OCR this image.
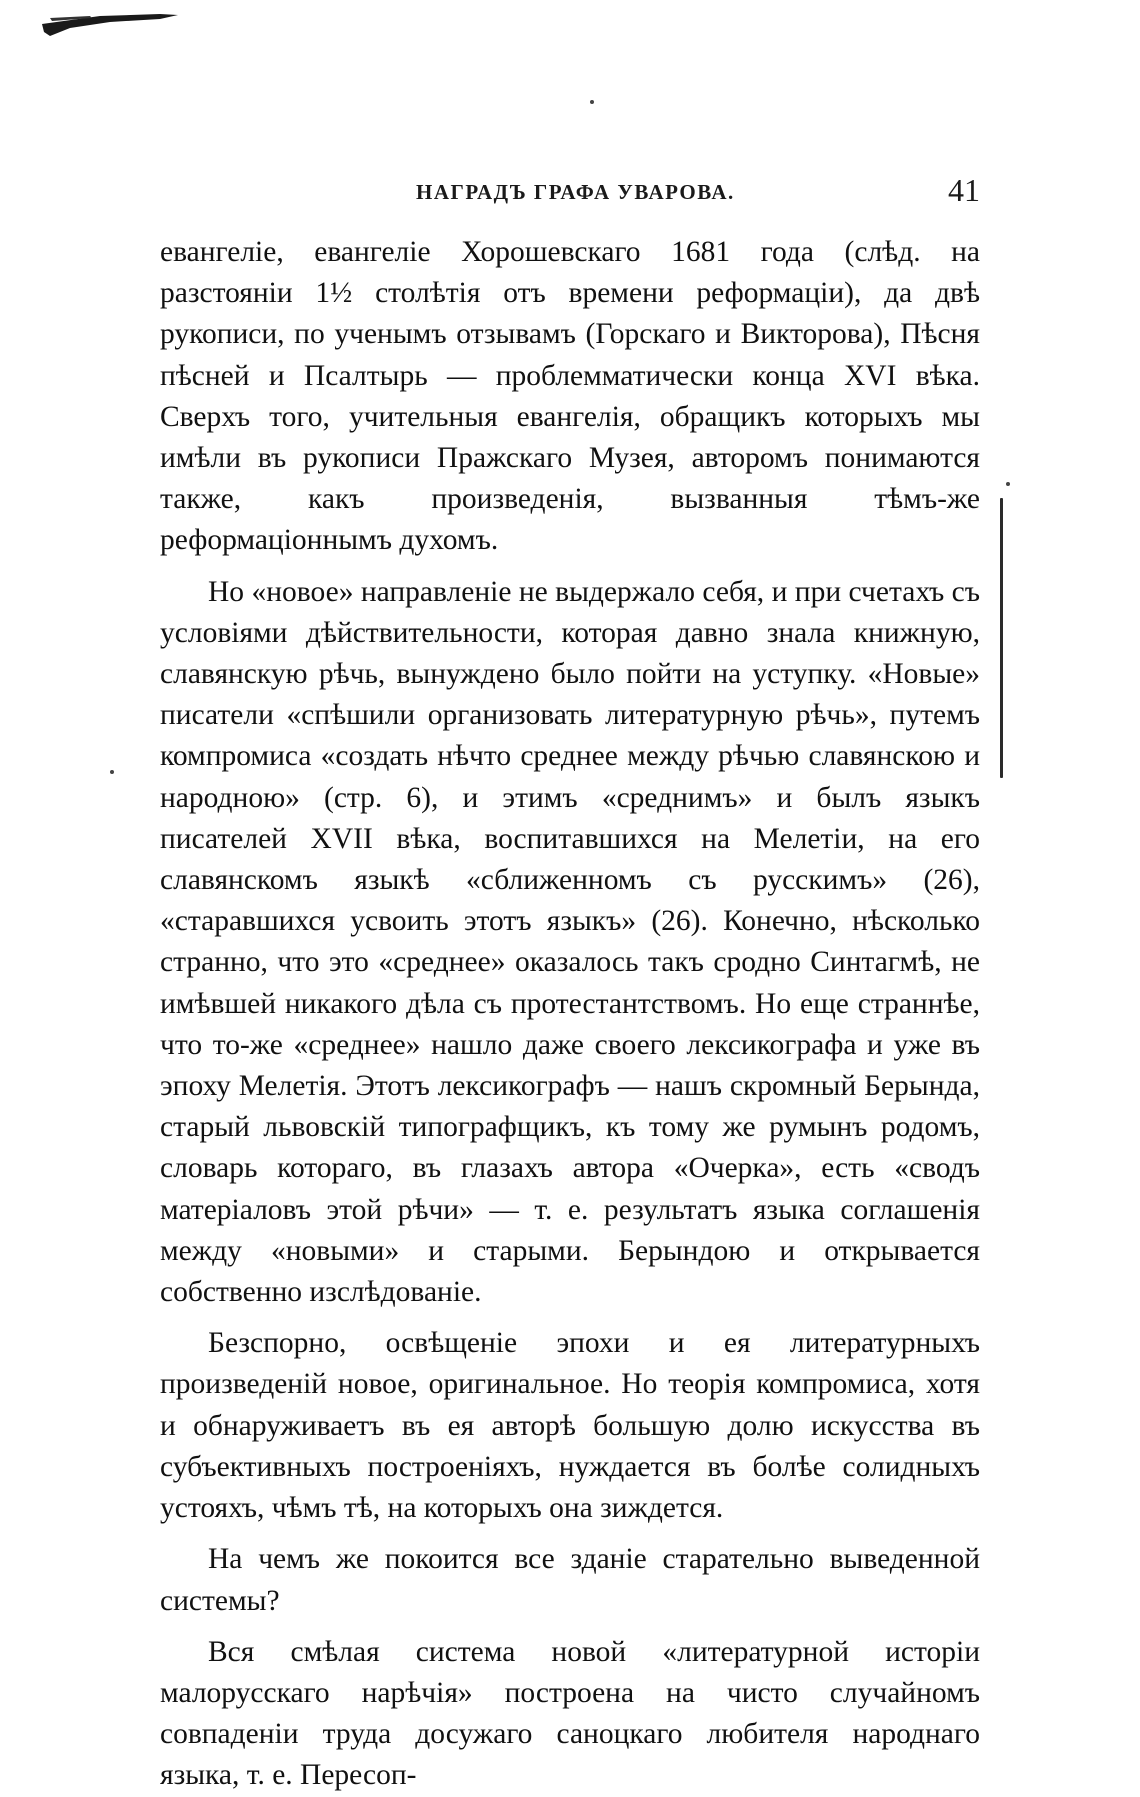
НАГРАДЪ ГРАФА УВАРОВА.	41

евангеліе, евангеліе Хорошевскаго 1681 года (слѣд. на разстояніи 1½ столѣтія отъ времени реформаціи), да двѣ рукописи, по ученымъ отзывамъ (Горскаго и Викторова), Пѣсня пѣсней и Псалтырь — проблемматически конца XVI вѣка. Сверхъ того, учительныя евангелія, обращикъ которыхъ мы имѣли въ рукописи Пражскаго Музея, авторомъ понимаются также, какъ произведенія, вызванныя тѣмъ-же реформаціоннымъ духомъ.

Но «новое» направленіе не выдержало себя, и при счетахъ съ условіями дѣйствительности, которая давно знала книжную, славянскую рѣчь, вынуждено было пойти на уступку. «Новые» писатели «спѣшили организовать литературную рѣчь», путемъ компромиса «создать нѣчто среднее между рѣчью славянскою и народною» (стр. 6), и этимъ «среднимъ» и былъ языкъ писателей XVII вѣка, воспитавшихся на Мелетіи, на его славянскомъ языкѣ «сближенномъ съ русскимъ» (26), «старавшихся усвоить этотъ языкъ» (26). Конечно, нѣсколько странно, что это «среднее» оказалось такъ сродно Синтагмѣ, не имѣвшей никакого дѣла съ протестантствомъ. Но еще страннѣе, что то-же «среднее» нашло даже своего лексикографа и уже въ эпоху Мелетія. Этотъ лексикографъ — нашъ скромный Берында, старый львовскій типографщикъ, къ тому же румынъ родомъ, словарь котораго, въ глазахъ автора «Очерка», есть «сводъ матеріаловъ этой рѣчи» — т. е. результатъ языка соглашенія между «новыми» и старыми. Берындою и открывается собственно изслѣдованіе.

Безспорно, освѣщеніе эпохи и ея литературныхъ произведеній новое, оригинальное. Но теорія компромиса, хотя и обнаруживаетъ въ ея авторѣ большую долю искусства въ субъективныхъ построеніяхъ, нуждается въ болѣе солидныхъ устояхъ, чѣмъ тѣ, на которыхъ она зиждется.

На чемъ же покоится все зданіе старательно выведенной системы?

Вся смѣлая система новой «литературной исторіи малорусскаго нарѣчія» построена на чисто случайномъ совпаденіи труда досужаго саноцкаго любителя народнаго языка, т. е. Пересоп-
